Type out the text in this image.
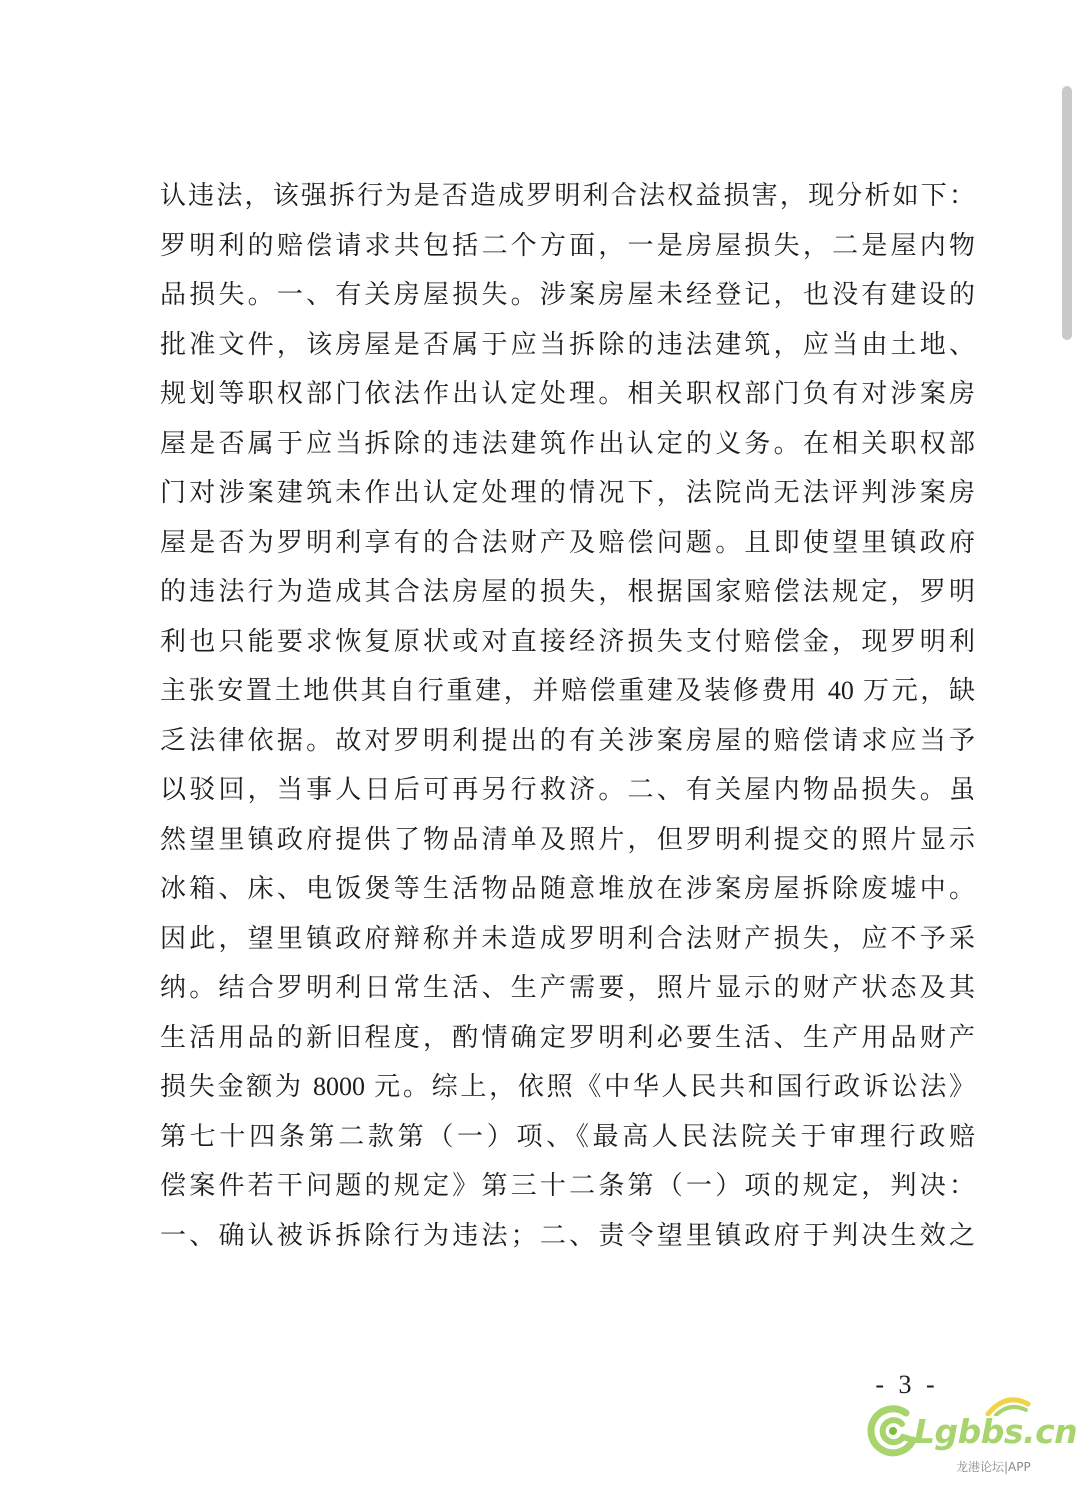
认违法，该强拆行为是否造成罗明利合法权益损害，现分析如下：
罗明利的赔偿请求共包括二个方面，一是房屋损失，二是屋内物
品损失。一、有关房屋损失。涉案房屋未经登记，也没有建设的
批准文件，该房屋是否属于应当拆除的违法建筑，应当由土地、
规划等职权部门依法作出认定处理。相关职权部门负有对涉案房
屋是否属于应当拆除的违法建筑作出认定的义务。在相关职权部
门对涉案建筑未作出认定处理的情况下，法院尚无法评判涉案房
屋是否为罗明利享有的合法财产及赔偿问题。且即使望里镇政府
的违法行为造成其合法房屋的损失，根据国家赔偿法规定，罗明
利也只能要求恢复原状或对直接经济损失支付赔偿金，现罗明利
主张安置土地供其自行重建，并赔偿重建及装修费用 40 万元，缺
乏法律依据。故对罗明利提出的有关涉案房屋的赔偿请求应当予
以驳回，当事人日后可再另行救济。二、有关屋内物品损失。虽
然望里镇政府提供了物品清单及照片，但罗明利提交的照片显示
冰箱、床、电饭煲等生活物品随意堆放在涉案房屋拆除废墟中。
因此，望里镇政府辩称并未造成罗明利合法财产损失，应不予采
纳。结合罗明利日常生活、生产需要，照片显示的财产状态及其
生活用品的新旧程度，酌情确定罗明利必要生活、生产用品财产
损失金额为 8000 元。综上，依照《中华人民共和国行政诉讼法》
第七十四条第二款第（一）项、《最高人民法院关于审理行政赔
偿案件若干问题的规定》第三十二条第（一）项的规定，判决：
一、确认被诉拆除行为违法；二、责令望里镇政府于判决生效之
- 3 -
Lgbbs.cn
龙港论坛|APP
